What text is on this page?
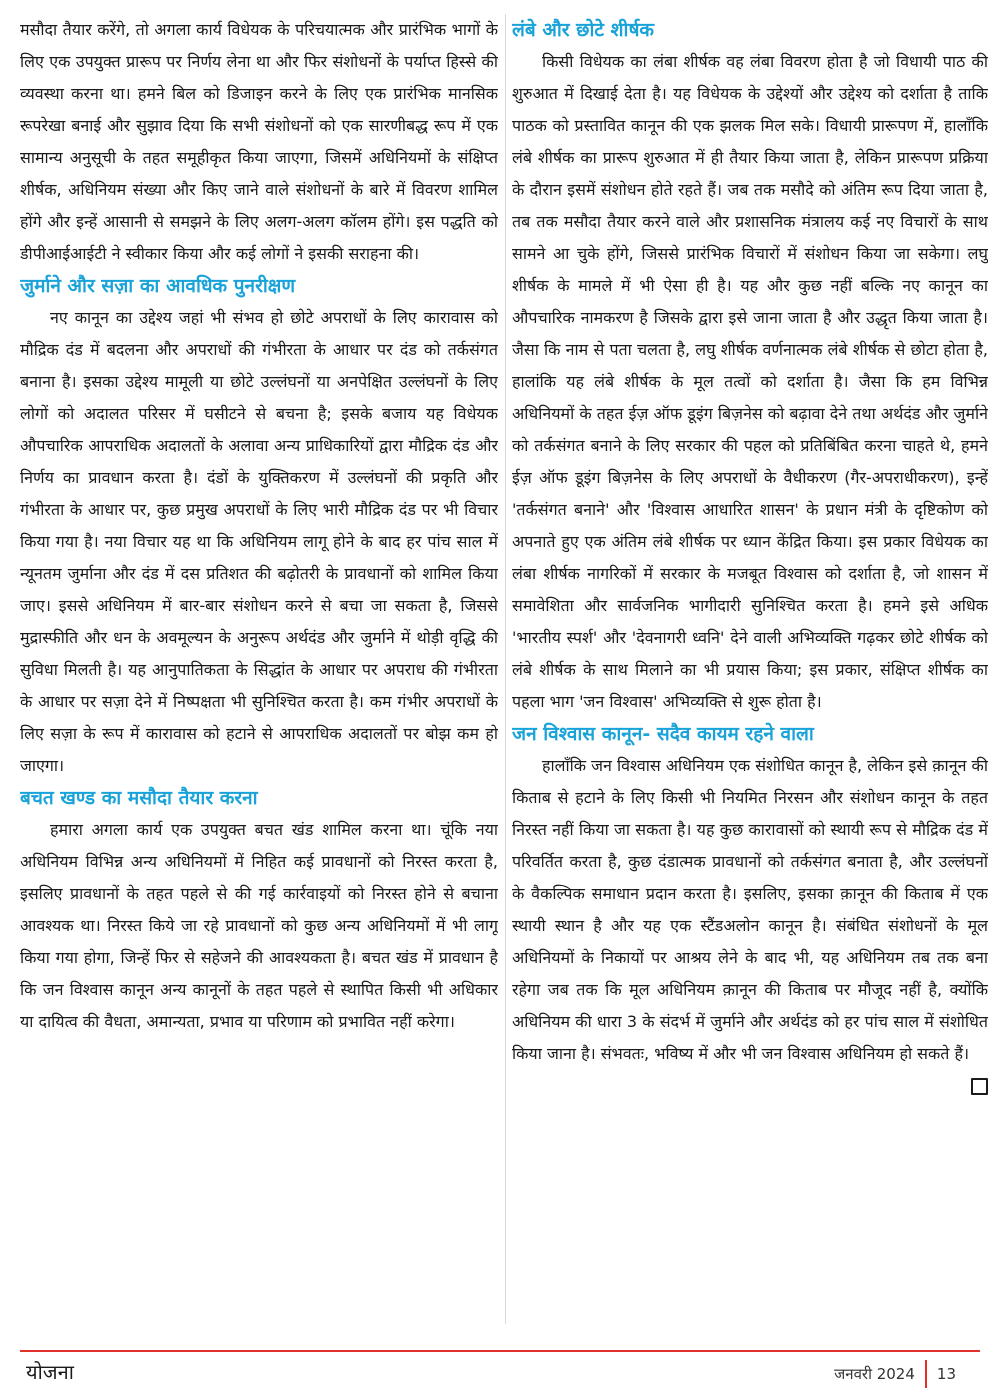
मसौदा तैयार करेंगे, तो अगला कार्य विधेयक के परिचयात्मक और प्रारंभिक भागों के लिए एक उपयुक्त प्रारूप पर निर्णय लेना था और फिर संशोधनों के पर्याप्त हिस्से की व्यवस्था करना था। हमने बिल को डिजाइन करने के लिए एक प्रारंभिक मानसिक रूपरेखा बनाई और सुझाव दिया कि सभी संशोधनों को एक सारणीबद्ध रूप में एक सामान्य अनुसूची के तहत समूहीकृत किया जाएगा, जिसमें अधिनियमों के संक्षिप्त शीर्षक, अधिनियम संख्या और किए जाने वाले संशोधनों के बारे में विवरण शामिल होंगे और इन्हें आसानी से समझने के लिए अलग-अलग कॉलम होंगे। इस पद्धति को डीपीआईआईटी ने स्वीकार किया और कई लोगों ने इसकी सराहना की।

जुर्माने और सज़ा का आवधिक पुनरीक्षण

नए कानून का उद्देश्य जहां भी संभव हो छोटे अपराधों के लिए कारावास को मौद्रिक दंड में बदलना और अपराधों की गंभीरता के आधार पर दंड को तर्कसंगत बनाना है। इसका उद्देश्य मामूली या छोटे उल्लंघनों या अनपेक्षित उल्लंघनों के लिए लोगों को अदालत परिसर में घसीटने से बचना है; इसके बजाय यह विधेयक औपचारिक आपराधिक अदालतों के अलावा अन्य प्राधिकारियों द्वारा मौद्रिक दंड और निर्णय का प्रावधान करता है। दंडों के युक्तिकरण में उल्लंघनों की प्रकृति और गंभीरता के आधार पर, कुछ प्रमुख अपराधों के लिए भारी मौद्रिक दंड पर भी विचार किया गया है। नया विचार यह था कि अधिनियम लागू होने के बाद हर पांच साल में न्यूनतम जुर्माना और दंड में दस प्रतिशत की बढ़ोतरी के प्रावधानों को शामिल किया जाए। इससे अधिनियम में बार-बार संशोधन करने से बचा जा सकता है, जिससे मुद्रास्फीति और धन के अवमूल्यन के अनुरूप अर्थदंड और जुर्माने में थोड़ी वृद्धि की सुविधा मिलती है। यह आनुपातिकता के सिद्धांत के आधार पर अपराध की गंभीरता के आधार पर सज़ा देने में निष्पक्षता भी सुनिश्चित करता है। कम गंभीर अपराधों के लिए सज़ा के रूप में कारावास को हटाने से आपराधिक अदालतों पर बोझ कम हो जाएगा।

बचत खण्ड का मसौदा तैयार करना

हमारा अगला कार्य एक उपयुक्त बचत खंड शामिल करना था। चूंकि नया अधिनियम विभिन्न अन्य अधिनियमों में निहित कई प्रावधानों को निरस्त करता है, इसलिए प्रावधानों के तहत पहले से की गई कार्रवाइयों को निरस्त होने से बचाना आवश्यक था। निरस्त किये जा रहे प्रावधानों को कुछ अन्य अधिनियमों में भी लागू किया गया होगा, जिन्हें फिर से सहेजने की आवश्यकता है। बचत खंड में प्रावधान है कि जन विश्वास कानून अन्य कानूनों के तहत पहले से स्थापित किसी भी अधिकार या दायित्व की वैधता, अमान्यता, प्रभाव या परिणाम को प्रभावित नहीं करेगा।

लंबे और छोटे शीर्षक

किसी विधेयक का लंबा शीर्षक वह लंबा विवरण होता है जो विधायी पाठ की शुरुआत में दिखाई देता है। यह विधेयक के उद्देश्यों और उद्देश्य को दर्शाता है ताकि पाठक को प्रस्तावित कानून की एक झलक मिल सके। विधायी प्रारूपण में, हालाँकि लंबे शीर्षक का प्रारूप शुरुआत में ही तैयार किया जाता है, लेकिन प्रारूपण प्रक्रिया के दौरान इसमें संशोधन होते रहते हैं। जब तक मसौदे को अंतिम रूप दिया जाता है, तब तक मसौदा तैयार करने वाले और प्रशासनिक मंत्रालय कई नए विचारों के साथ सामने आ चुके होंगे, जिससे प्रारंभिक विचारों में संशोधन किया जा सकेगा। लघु शीर्षक के मामले में भी ऐसा ही है। यह और कुछ नहीं बल्कि नए कानून का औपचारिक नामकरण है जिसके द्वारा इसे जाना जाता है और उद्धृत किया जाता है। जैसा कि नाम से पता चलता है, लघु शीर्षक वर्णनात्मक लंबे शीर्षक से छोटा होता है, हालांकि यह लंबे शीर्षक के मूल तत्वों को दर्शाता है। जैसा कि हम विभिन्न अधिनियमों के तहत ईज़ ऑफ डूइंग बिज़नेस को बढ़ावा देने तथा अर्थदंड और जुर्माने को तर्कसंगत बनाने के लिए सरकार की पहल को प्रतिबिंबित करना चाहते थे, हमने ईज़ ऑफ डूइंग बिज़नेस के लिए अपराधों के वैधीकरण (गैर-अपराधीकरण), इन्हें 'तर्कसंगत बनाने' और 'विश्वास आधारित शासन' के प्रधान मंत्री के दृष्टिकोण को अपनाते हुए एक अंतिम लंबे शीर्षक पर ध्यान केंद्रित किया। इस प्रकार विधेयक का लंबा शीर्षक नागरिकों में सरकार के मजबूत विश्वास को दर्शाता है, जो शासन में समावेशिता और सार्वजनिक भागीदारी सुनिश्चित करता है। हमने इसे अधिक 'भारतीय स्पर्श' और 'देवनागरी ध्वनि' देने वाली अभिव्यक्ति गढ़कर छोटे शीर्षक को लंबे शीर्षक के साथ मिलाने का भी प्रयास किया; इस प्रकार, संक्षिप्त शीर्षक का पहला भाग 'जन विश्वास' अभिव्यक्ति से शुरू होता है।

जन विश्वास कानून- सदैव कायम रहने वाला

हालाँकि जन विश्वास अधिनियम एक संशोधित कानून है, लेकिन इसे क़ानून की किताब से हटाने के लिए किसी भी नियमित निरसन और संशोधन कानून के तहत निरस्त नहीं किया जा सकता है। यह कुछ कारावासों को स्थायी रूप से मौद्रिक दंड में परिवर्तित करता है, कुछ दंडात्मक प्रावधानों को तर्कसंगत बनाता है, और उल्लंघनों के वैकल्पिक समाधान प्रदान करता है। इसलिए, इसका क़ानून की किताब में एक स्थायी स्थान है और यह एक स्टैंडअलोन कानून है। संबंधित संशोधनों के मूल अधिनियमों के निकायों पर आश्रय लेने के बाद भी, यह अधिनियम तब तक बना रहेगा जब तक कि मूल अधिनियम क़ानून की किताब पर मौजूद नहीं है, क्योंकि अधिनियम की धारा 3 के संदर्भ में जुर्माने और अर्थदंड को हर पांच साल में संशोधित किया जाना है। संभवतः, भविष्य में और भी जन विश्वास अधिनियम हो सकते हैं।

योजना	जनवरी 2024 13
